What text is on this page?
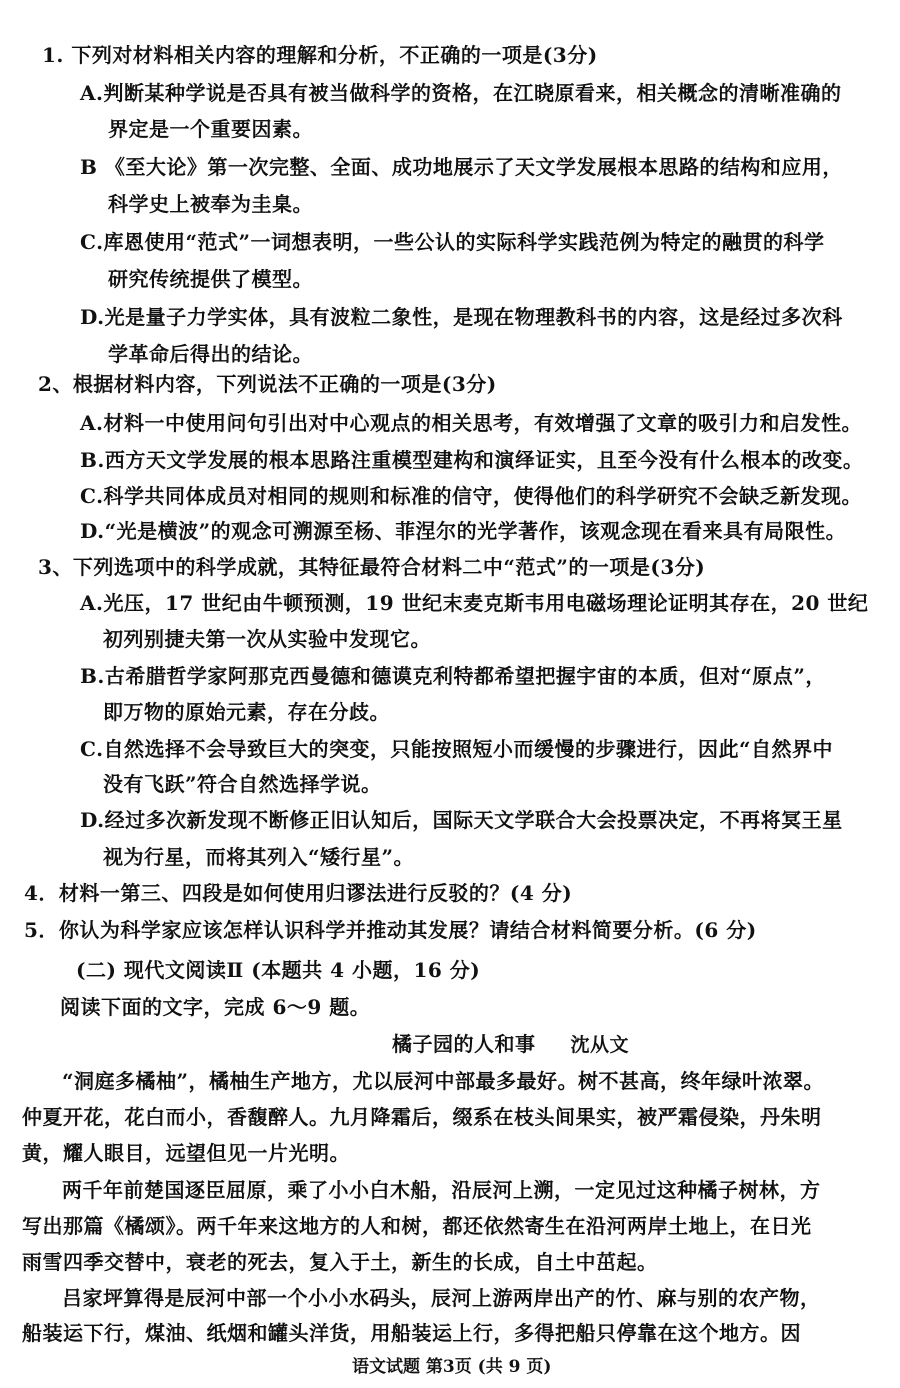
1. 下列对材料相关内容的理解和分析，不正确的一项是(3分)
A.判断某种学说是否具有被当做科学的资格，在江晓原看来，相关概念的清晰准确的
界定是一个重要因素。
B 《至大论》第一次完整、全面、成功地展示了天文学发展根本思路的结构和应用，
科学史上被奉为圭臬。
C.库恩使用“范式”一词想表明，一些公认的实际科学实践范例为特定的融贯的科学
研究传统提供了模型。
D.光是量子力学实体，具有波粒二象性，是现在物理教科书的内容，这是经过多次科
学革命后得出的结论。
2、根据材料内容，下列说法不正确的一项是(3分)
A.材料一中使用问句引出对中心观点的相关思考，有效增强了文章的吸引力和启发性。
B.西方天文学发展的根本思路注重模型建构和演绎证实，且至今没有什么根本的改变。
C.科学共同体成员对相同的规则和标准的信守，使得他们的科学研究不会缺乏新发现。
D.“光是横波”的观念可溯源至杨、菲涅尔的光学著作，该观念现在看来具有局限性。
3、下列选项中的科学成就，其特征最符合材料二中“范式”的一项是(3分)
A.光压，17 世纪由牛顿预测，19 世纪末麦克斯韦用电磁场理论证明其存在，20 世纪
初列别捷夫第一次从实验中发现它。
B.古希腊哲学家阿那克西曼德和德谟克利特都希望把握宇宙的本质，但对“原点”，
即万物的原始元素，存在分歧。
C.自然选择不会导致巨大的突变，只能按照短小而缓慢的步骤进行，因此“自然界中
没有飞跃”符合自然选择学说。
D.经过多次新发现不断修正旧认知后，国际天文学联合大会投票决定，不再将冥王星
视为行星，而将其列入“矮行星”。
4．材料一第三、四段是如何使用归谬法进行反驳的？(4 分)
5．你认为科学家应该怎样认识科学并推动其发展？请结合材料简要分析。(6 分)
(二) 现代文阅读Ⅱ (本题共 4 小题，16 分)
阅读下面的文字，完成 6～9 题。
橘子园的人和事 沈从文
“洞庭多橘柚”，橘柚生产地方，尤以辰河中部最多最好。树不甚高，终年绿叶浓翠。
仲夏开花，花白而小，香馥醉人。九月降霜后，缀系在枝头间果实，被严霜侵染，丹朱明
黄，耀人眼目，远望但见一片光明。
两千年前楚国逐臣屈原，乘了小小白木船，沿辰河上溯，一定见过这种橘子树林，方
写出那篇《橘颂》。两千年来这地方的人和树，都还依然寄生在沿河两岸土地上，在日光
雨雪四季交替中，衰老的死去，复入于土，新生的长成，自土中茁起。
吕家坪算得是辰河中部一个小小水码头，辰河上游两岸出产的竹、麻与别的农产物，
船装运下行，煤油、纸烟和罐头洋货，用船装运上行，多得把船只停靠在这个地方。因
语文试题 第3页 (共 9 页)
